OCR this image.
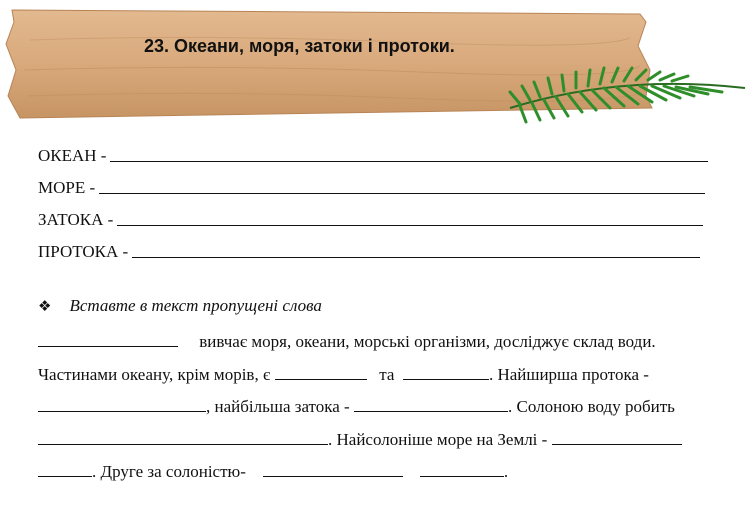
23. Океани, моря, затоки і протоки.
ОКЕАН -
МОРЕ -
ЗАТОКА -
ПРОТОКА -
❖ Вставте в текст пропущені слова
вивчає моря, океани, морські організми, досліджує склад води.
Частинами океану, крім морів, є	та	. Найширша протока -
, найбільша затока -	. Солоною воду робить
. Найсолоніше море на Землі -
. Друге за солоністю-	.
